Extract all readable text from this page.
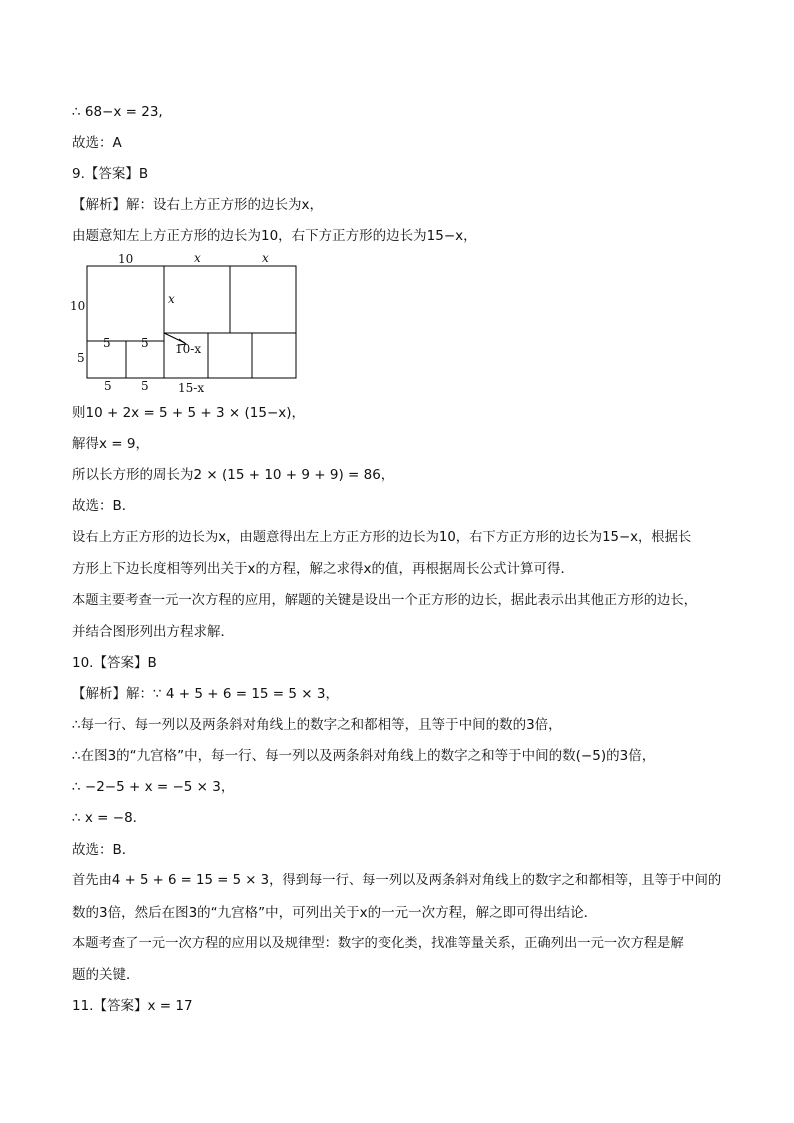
∴ 68−x = 23,
故选：A
9.【答案】B
【解析】解：设右上方正方形的边长为x，
由题意知左上方正方形的边长为10，右下方正方形的边长为15−x，
10	x	x
10
5
x
5	5 10-x
5 5 15-x
则10 + 2x = 5 + 5 + 3 × (15−x)，
解得x = 9，
所以长方形的周长为2 × (15 + 10 + 9 + 9) = 86，
故选：B．
设右上方正方形的边长为x，由题意得出左上方正方形的边长为10，右下方正方形的边长为15−x，根据长
方形上下边长度相等列出关于x的方程，解之求得x的值，再根据周长公式计算可得．
本题主要考查一元一次方程的应用，解题的关键是设出一个正方形的边长，据此表示出其他正方形的边长，
并结合图形列出方程求解．
10.【答案】B
【解析】解：∵ 4 + 5 + 6 = 15 = 5 × 3，
∴每一行、每一列以及两条斜对角线上的数字之和都相等，且等于中间的数的3倍，
∴在图3的“九宫格”中，每一行、每一列以及两条斜对角线上的数字之和等于中间的数(−5)的3倍，
∴ −2−5 + x = −5 × 3，
∴ x = −8．
故选：B．
首先由4 + 5 + 6 = 15 = 5 × 3，得到每一行、每一列以及两条斜对角线上的数字之和都相等，且等于中间的
数的3倍，然后在图3的“九宫格”中，可列出关于x的一元一次方程，解之即可得出结论．
本题考查了一元一次方程的应用以及规律型：数字的变化类，找准等量关系，正确列出一元一次方程是解
题的关键．
11.【答案】x = 17
